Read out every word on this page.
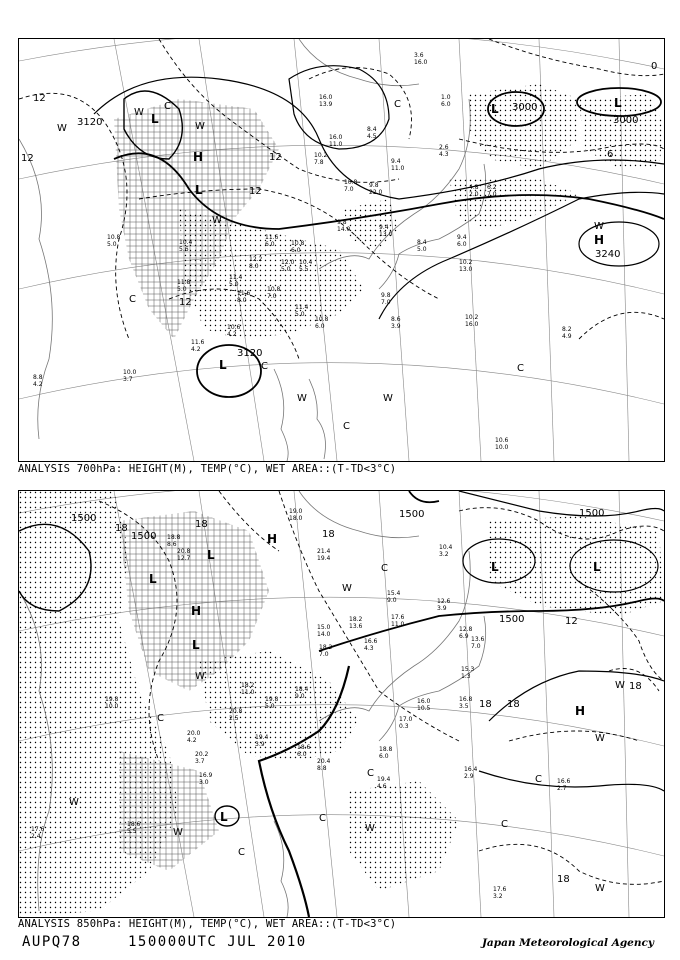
3000
3000
3120
3120
3240
12
12	12
12
12
6
0
L
L
L	L
L
H
H
W
W
W
W
W
W	W
C	C
C
C	C
C
16.0
13.9
16.0
11.0
3.6
16.0
1.0
6.0
8.4
4.5
2.6
4.3
9.4
11.0
10.2
7.8
9.8
22.0
10.8
7.0	4.8
2.0
6.2
7.0
9.8
14.0	9.4
13.0
8.4
5.0
9.4
6.0
10.8
6.0
11.6
6.0
10.4
5.5
12.0
5.0
11.4
5.0
11.6
8.0
10.8
7.0
11.4
5.0
10.8
6.0
9.8
7.0
8.6
3.9
10.2
13.0
10.2
16.0
8.2
4.9
10.6
10.0
11.8
5.0
11.6
4.2
10.0
3.7
8.8
4.2
10.8
5.0	10.4
5.6
10.6
4.2
12.2
8.0
ANALYSIS 700hPa: HEIGHT(M), TEMP(°C), WET AREA::(T-TD<3°C)
1500
1500
1500
1500
1500
18	18
18
18 18
12
18
18
L
L
L
L	L
L
H
H
H
W
W
W
W
W
W
W
W
C
C
C
C
C
C
C
18.8
8.6
20.8
12.7
21.4
19.4
19.0
18.0
10.4
3.2
12.6
3.9
15.4
9.0
12.8
6.9 13.6
7.0
18.2
13.6
17.6
11.0
15.0
14.0
18.2
7.0
16.6
4.3
15.3
1.3
16.0
10.5
16.8
3.5
17.0
0.3
18.8
6.0
19.4
4.6
16.4
2.9
16.6
2.7
17.6
3.2
20.0
4.2
20.2
3.7
19.4
3.9	18.6
6.0
18.6
5.5
17.6
2.4
19.8
10.0
20.8
2.5
18.2
11.0
19.8
5.0
18.4
9.0
16.9
3.0
20.4
8.8
ANALYSIS 850hPa: HEIGHT(M), TEMP(°C), WET AREA::(T-TD<3°C)
AUPQ78	150000UTC JUL 2010	Japan Meteorological Agency
